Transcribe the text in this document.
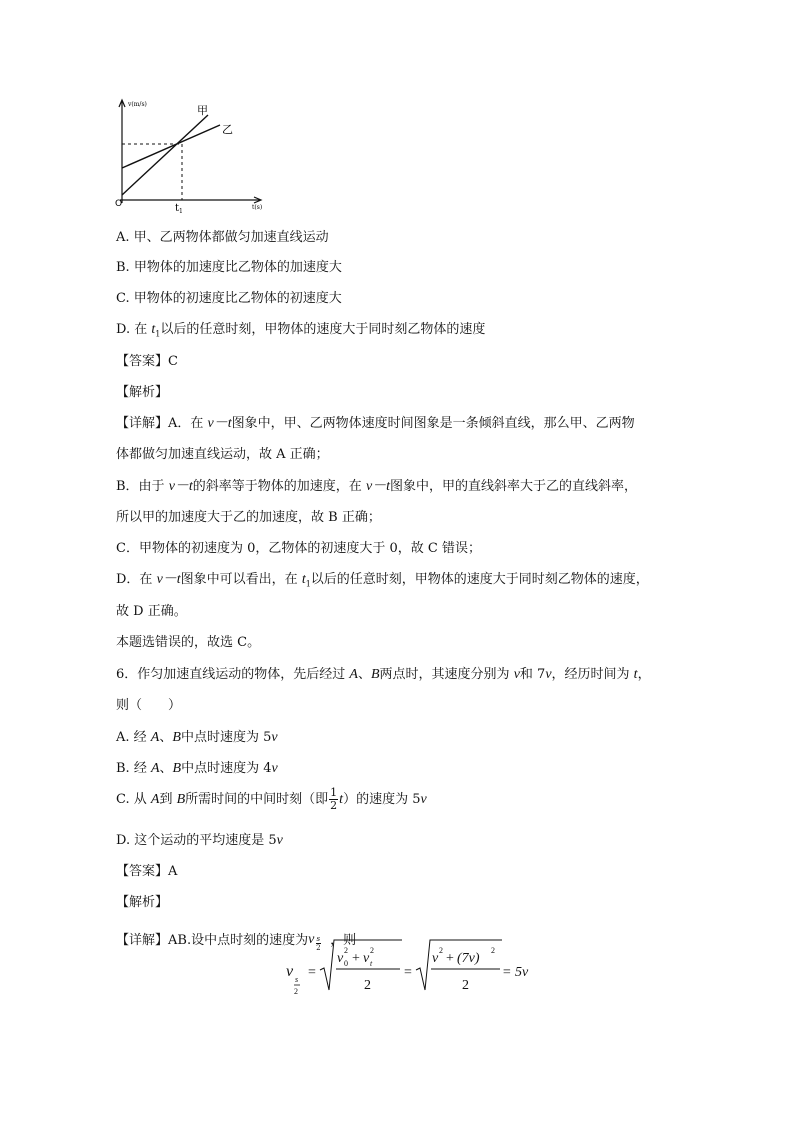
v(m/s)
t(s)
O	$t_1$
甲
乙
A. 甲、乙两物体都做匀加速直线运动
B. 甲物体的加速度比乙物体的加速度大
C. 甲物体的初速度比乙物体的初速度大
D. 在 $t_1$以后的任意时刻，甲物体的速度大于同时刻乙物体的速度
【答案】C
【解析】
【详解】A．在 v－t图象中，甲、乙两物体速度时间图象是一条倾斜直线，那么甲、乙两物
体都做匀加速直线运动，故 A 正确；
B．由于 v－t的斜率等于物体的加速度，在 v－t图象中，甲的直线斜率大于乙的直线斜率，
所以甲的加速度大于乙的加速度，故 B 正确；
C．甲物体的初速度为 0，乙物体的初速度大于 0，故 C 错误；
D．在 v－t图象中可以看出，在 $t_1$以后的任意时刻，甲物体的速度大于同时刻乙物体的速度，
故 D 正确。
本题选错误的，故选 C。
6．作匀加速直线运动的物体，先后经过 A、B两点时，其速度分别为 v和 7v，经历时间为 t，
则（　　）
A. 经 A、B中点时速度为 5v
B. 经 A、B中点时速度为 4v
C. 从 A到 B所需时间的中间时刻（即 $\frac{1}{2} t$）的速度为 5v
D. 这个运动的平均速度是 5v
【答案】A
【解析】
【详解】AB.设中点时刻的速度为 v s
2 ，则
v s
2
=
v 0
2
+ v t
2
2
=
v
2
+ (7v)
2
2
= 5v
